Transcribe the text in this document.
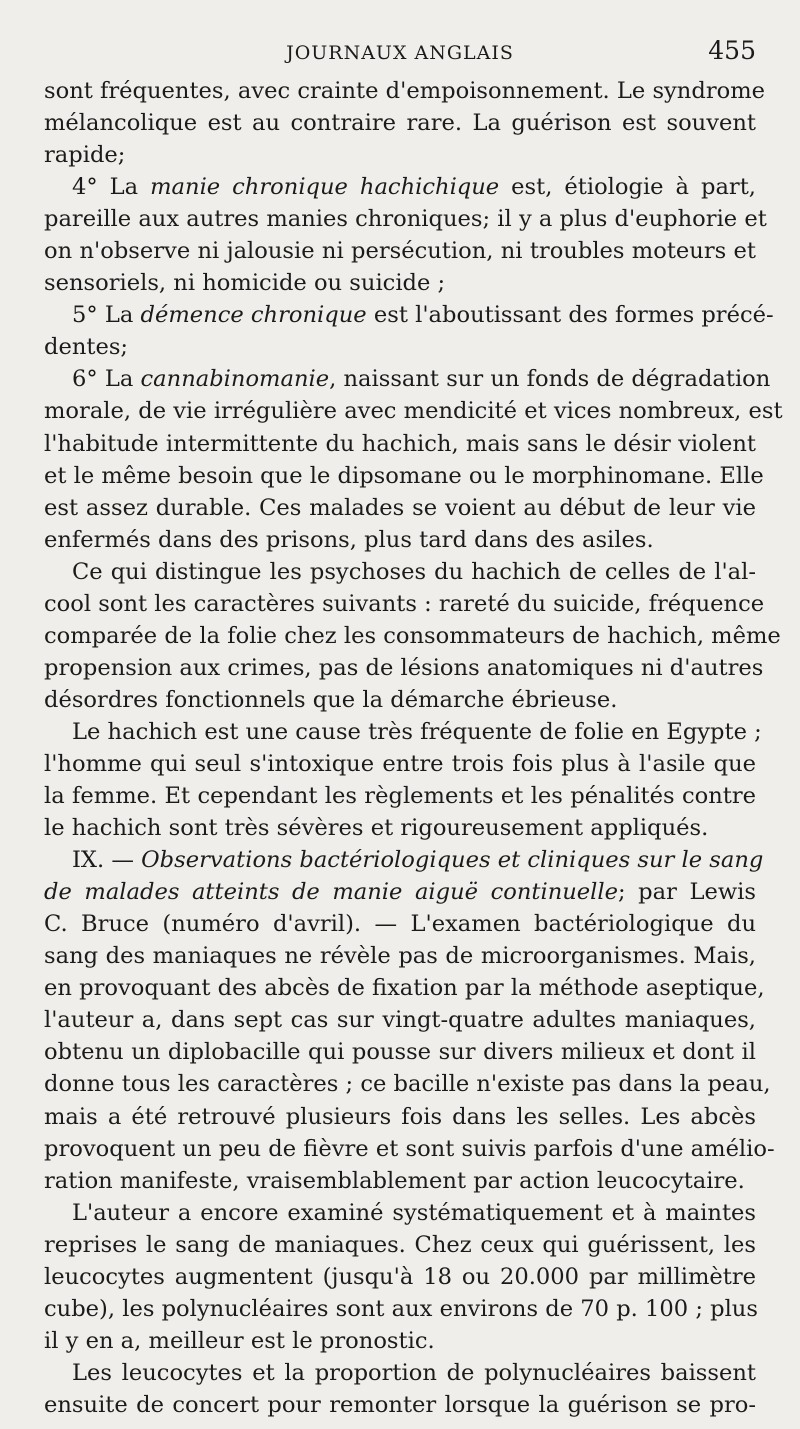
JOURNAUX ANGLAIS	455
sont fréquentes, avec crainte d'empoisonnement. Le syndrome
mélancolique est au contraire rare. La guérison est souvent
rapide;
4° La manie chronique hachichique est, étiologie à part,
pareille aux autres manies chroniques; il y a plus d'euphorie et
on n'observe ni jalousie ni persécution, ni troubles moteurs et
sensoriels, ni homicide ou suicide ;
5° La démence chronique est l'aboutissant des formes précé-
dentes;
6° La cannabinomanie, naissant sur un fonds de dégradation
morale, de vie irrégulière avec mendicité et vices nombreux, est
l'habitude intermittente du hachich, mais sans le désir violent
et le même besoin que le dipsomane ou le morphinomane. Elle
est assez durable. Ces malades se voient au début de leur vie
enfermés dans des prisons, plus tard dans des asiles.
Ce qui distingue les psychoses du hachich de celles de l'al-
cool sont les caractères suivants : rareté du suicide, fréquence
comparée de la folie chez les consommateurs de hachich, même
propension aux crimes, pas de lésions anatomiques ni d'autres
désordres fonctionnels que la démarche ébrieuse.
Le hachich est une cause très fréquente de folie en Egypte ;
l'homme qui seul s'intoxique entre trois fois plus à l'asile que
la femme. Et cependant les règlements et les pénalités contre
le hachich sont très sévères et rigoureusement appliqués.
IX. — Observations bactériologiques et cliniques sur le sang
de malades atteints de manie aiguë continuelle; par Lewis
C. Bruce (numéro d'avril). — L'examen bactériologique du
sang des maniaques ne révèle pas de microorganismes. Mais,
en provoquant des abcès de fixation par la méthode aseptique,
l'auteur a, dans sept cas sur vingt-quatre adultes maniaques,
obtenu un diplobacille qui pousse sur divers milieux et dont il
donne tous les caractères ; ce bacille n'existe pas dans la peau,
mais a été retrouvé plusieurs fois dans les selles. Les abcès
provoquent un peu de fièvre et sont suivis parfois d'une amélio-
ration manifeste, vraisemblablement par action leucocytaire.
L'auteur a encore examiné systématiquement et à maintes
reprises le sang de maniaques. Chez ceux qui guérissent, les
leucocytes augmentent (jusqu'à 18 ou 20.000 par millimètre
cube), les polynucléaires sont aux environs de 70 p. 100 ; plus
il y en a, meilleur est le pronostic.
Les leucocytes et la proportion de polynucléaires baissent
ensuite de concert pour remonter lorsque la guérison se pro-
